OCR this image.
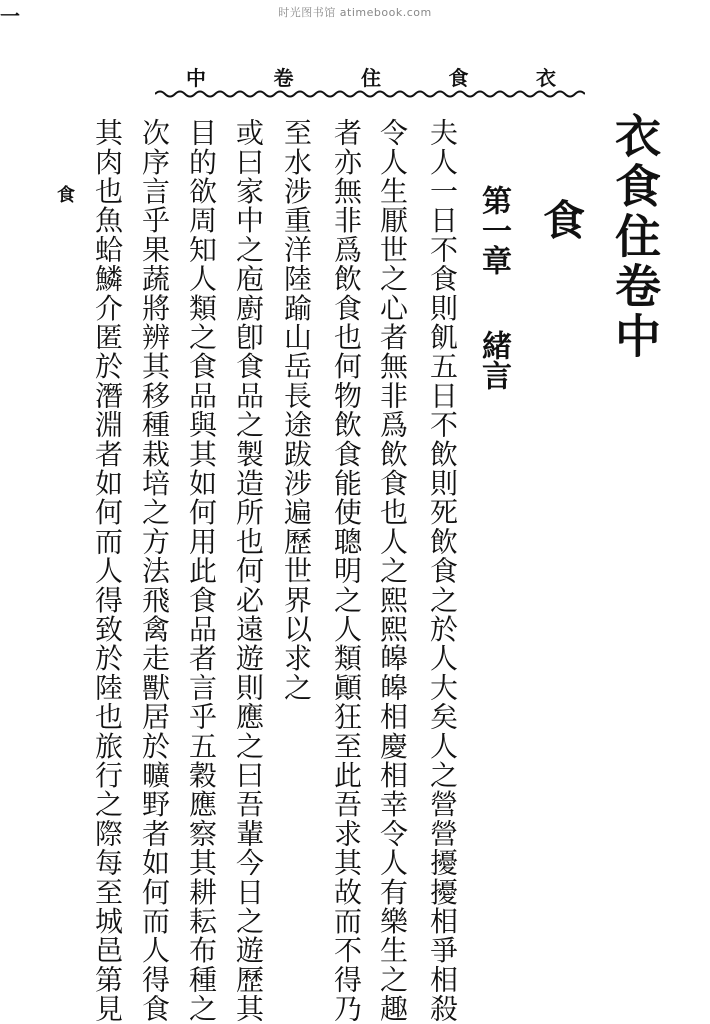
时光图书馆 atimebook.com
中	卷	住	食	衣
衣食住卷中
食
第一章 緒言
夫人一日不食則飢五日不飲則死飲食之於人大矣人之營營擾擾相爭相殺
令人生厭世之心者無非爲飲食也人之熙熙皞皞相慶相幸令人有樂生之趣
者亦無非爲飲食也何物飲食能使聰明之人類顚狂至此吾求其故而不得乃
至水涉重洋陸踰山岳長途跋涉遍歷世界以求之
或曰家中之庖廚卽食品之製造所也何必遠遊則應之曰吾輩今日之遊歷其
目的欲周知人類之食品與其如何用此食品者言乎五穀應察其耕耘布種之
次序言乎果蔬將辨其移種栽培之方法飛禽走獸居於曠野者如何而人得食
其肉也魚蛤鱗介匿於潛淵者如何而人得致於陸也旅行之際每至城邑第見
食
一
